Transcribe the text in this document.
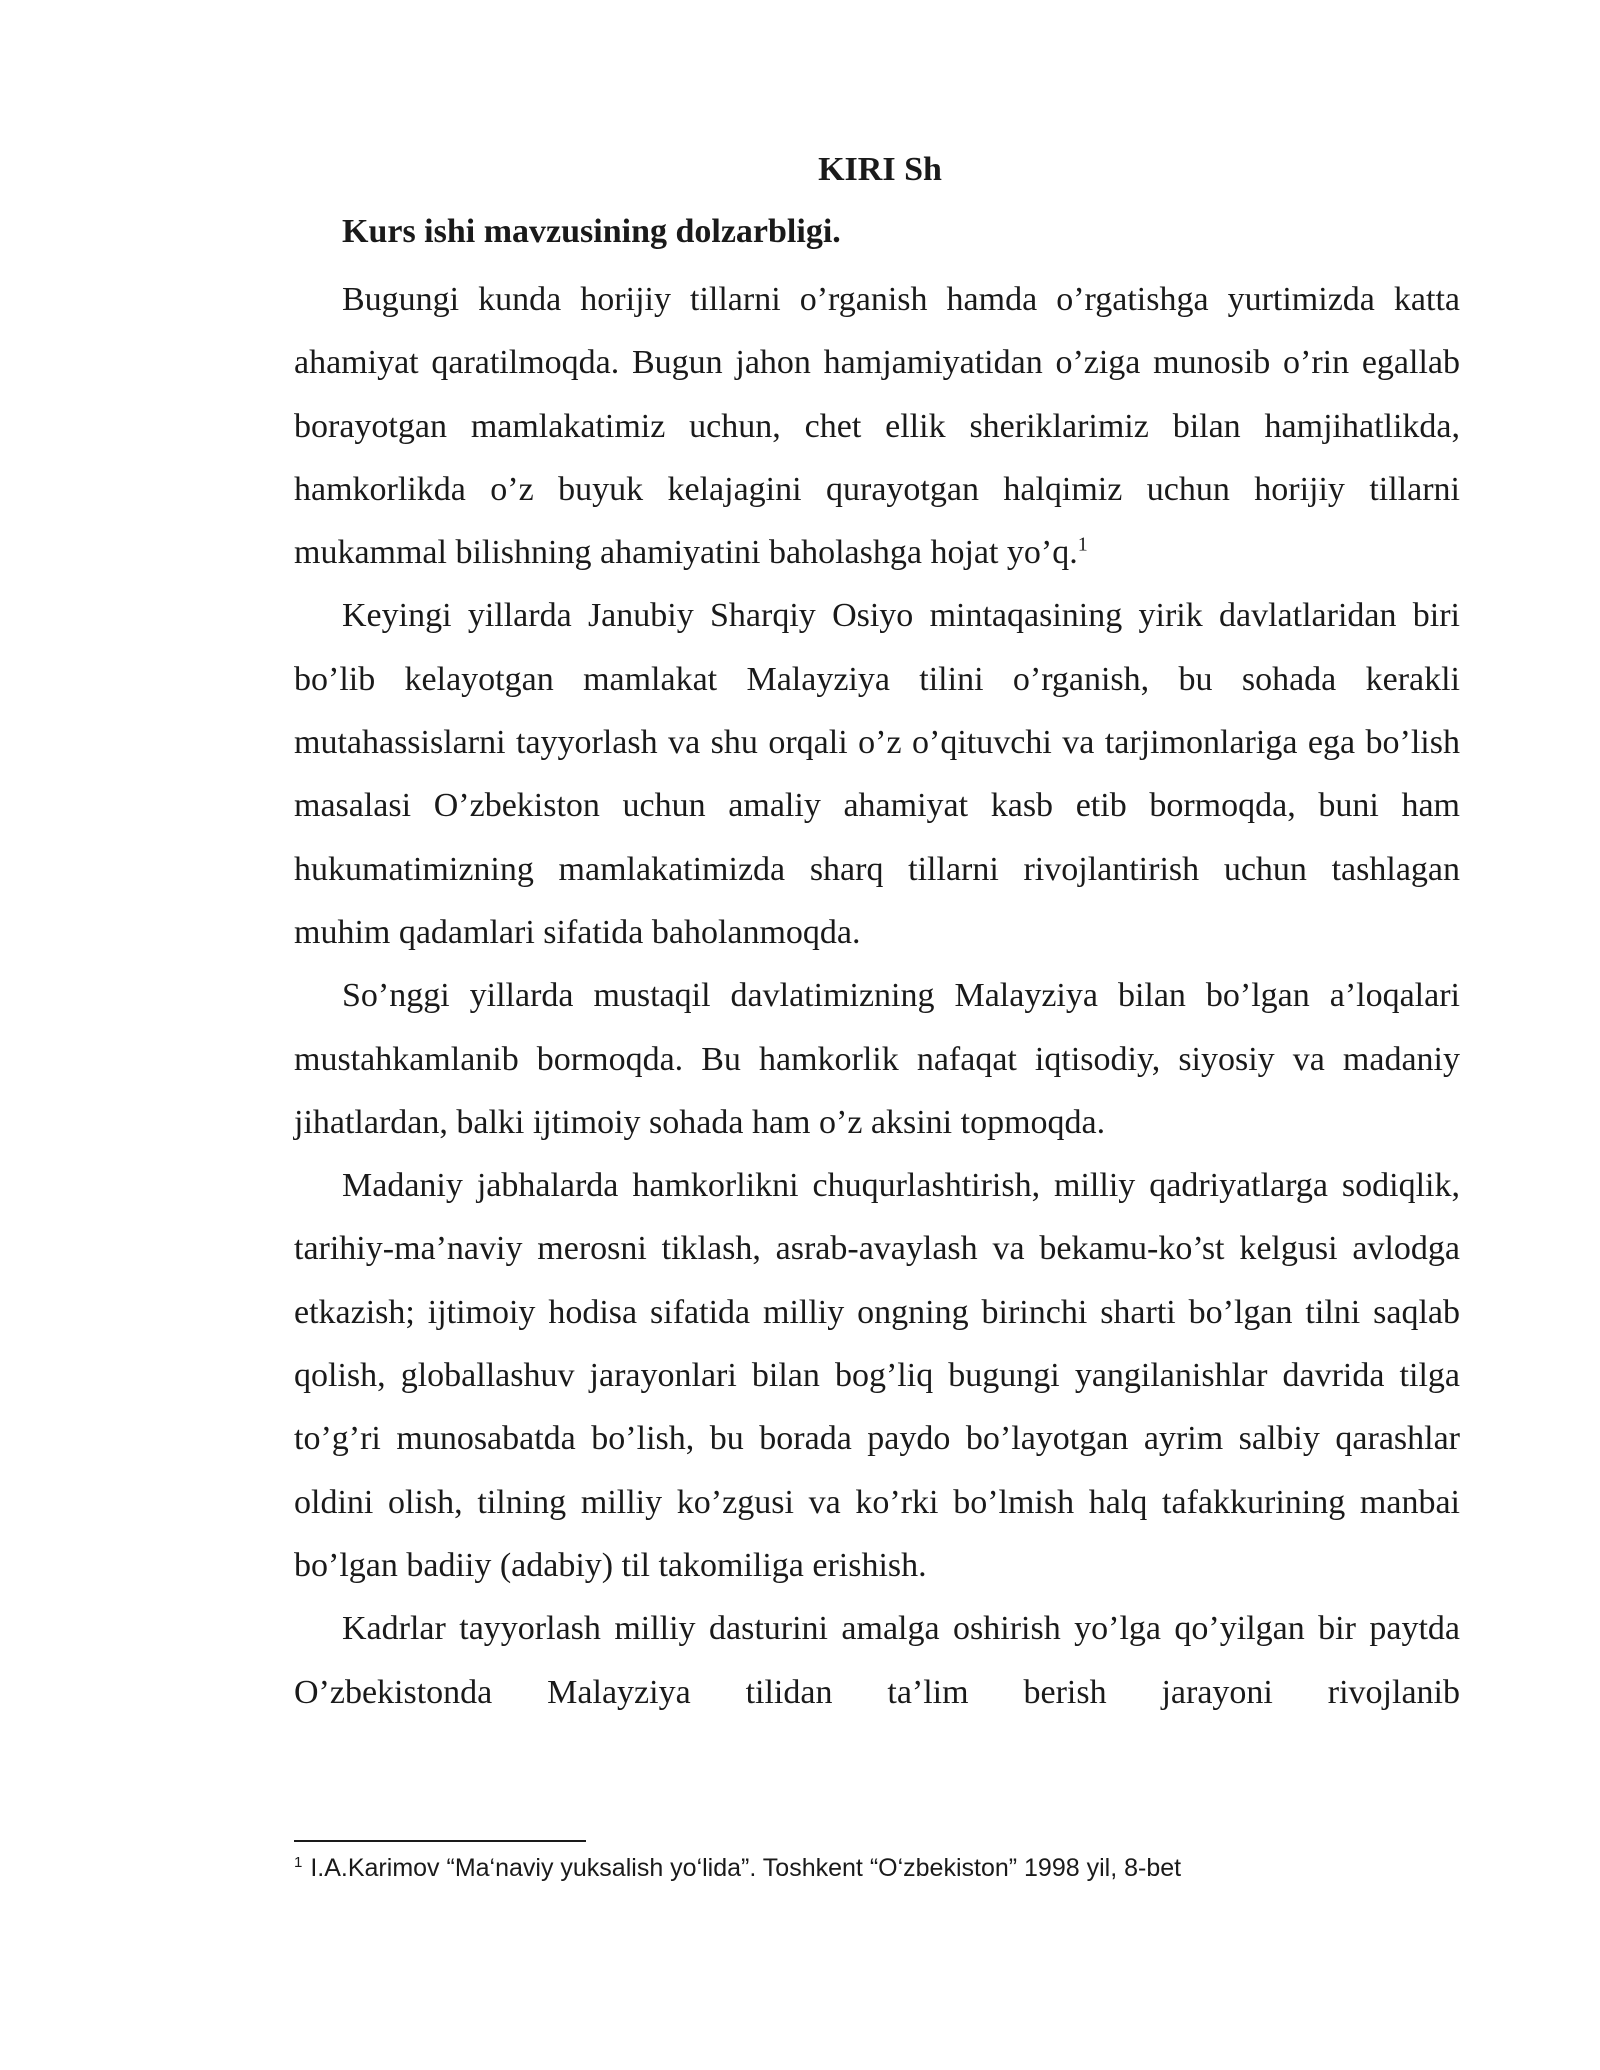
KIRI Sh
Kurs ishi mavzusining dolzarbligi.

Bugungi kunda horijiy tillarni o’rganish hamda o’rgatishga yurtimizda katta ahamiyat qaratilmoqda. Bugun jahon hamjamiyatidan o’ziga munosib o’rin egallab borayotgan mamlakatimiz uchun, chet ellik sheriklarimiz bilan hamjihatlikda, hamkorlikda o’z buyuk kelajagini qurayotgan halqimiz uchun horijiy tillarni mukammal bilishning ahamiyatini baholashga hojat yo’q.$^1$

Keyingi yillarda Janubiy Sharqiy Osiyo mintaqasining yirik davlatlaridan biri bo’lib kelayotgan mamlakat Malayziya tilini o’rganish, bu sohada kerakli mutahassislarni tayyorlash va shu orqali o’z o’qituvchi va tarjimonlariga ega bo’lish masalasi O’zbekiston uchun amaliy ahamiyat kasb etib bormoqda, buni ham hukumatimizning mamlakatimizda sharq tillarni rivojlantirish uchun tashlagan muhim qadamlari sifatida baholanmoqda.

So’nggi yillarda mustaqil davlatimizning Malayziya bilan bo’lgan a’loqalari mustahkamlanib bormoqda. Bu hamkorlik nafaqat iqtisodiy, siyosiy va madaniy jihatlardan, balki ijtimoiy sohada ham o’z aksini topmoqda.

Madaniy jabhalarda hamkorlikni chuqurlashtirish, milliy qadriyatlarga sodiqlik, tarihiy-ma’naviy merosni tiklash, asrab-avaylash va bekamu-ko’st kelgusi avlodga etkazish; ijtimoiy hodisa sifatida milliy ongning birinchi sharti bo’lgan tilni saqlab qolish, globallashuv jarayonlari bilan bog’liq bugungi yangilanishlar davrida tilga to’g’ri munosabatda bo’lish, bu borada paydo bo’layotgan ayrim salbiy qarashlar oldini olish, tilning milliy ko’zgusi va ko’rki bo’lmish halq tafakkurining manbai bo’lgan badiiy (adabiy) til takomiliga erishish.

Kadrlar tayyorlash milliy dasturini amalga oshirish yo’lga qo’yilgan bir paytda O’zbekistonda Malayziya tilidan ta’lim berish jarayoni rivojlanib

$^1$ I.A.Karimov “Ma‘naviy yuksalish yo‘lida”. Toshkent “O‘zbekiston” 1998 yil, 8-bet
